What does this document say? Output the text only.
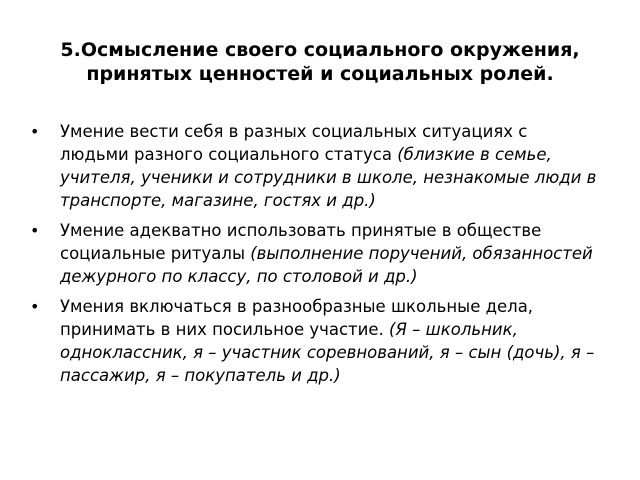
5.Осмысление своего социального окружения,
принятых ценностей и социальных ролей.
• Умение вести себя в разных социальных ситуациях с людьми разного социального статуса (близкие в семье, учителя, ученики и сотрудники в школе, незнакомые люди в транспорте, магазине, гостях и др.)
• Умение адекватно использовать принятые в обществе социальные ритуалы (выполнение поручений, обязанностей дежурного по классу, по столовой и др.)
• Умения включаться в разнообразные школьные дела, принимать в них посильное участие. (Я – школьник, одноклассник, я – участник соревнований, я – сын (дочь), я – пассажир, я – покупатель и др.)
